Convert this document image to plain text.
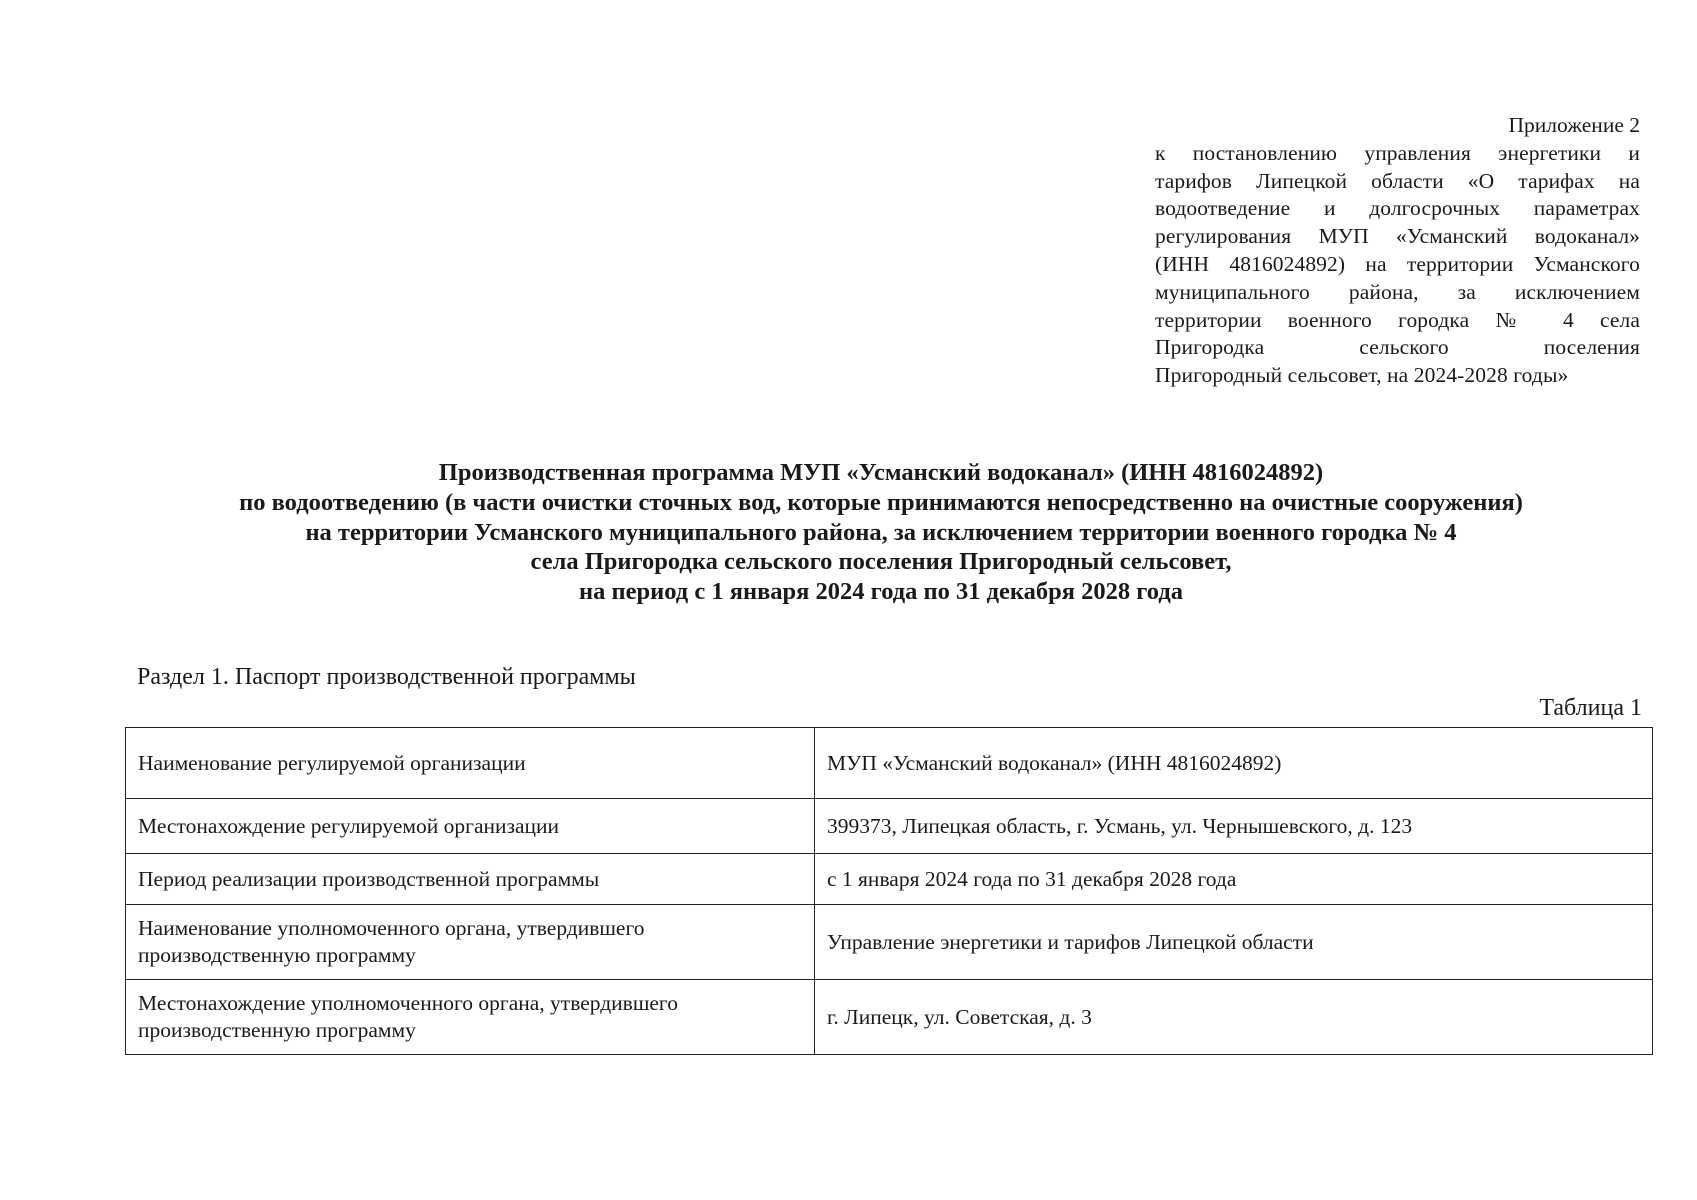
Приложение 2
к постановлению управления энергетики и
тарифов Липецкой области «О тарифах на
водоотведение и долгосрочных параметрах
регулирования МУП «Усманский водоканал»
(ИНН 4816024892) на территории Усманского
муниципального района, за исключением
территории военного городка № 4 села
Пригородка сельского поселения
Пригородный сельсовет, на 2024-2028 годы»
Производственная программа МУП «Усманский водоканал» (ИНН 4816024892)
по водоотведению (в части очистки сточных вод, которые принимаются непосредственно на очистные сооружения)
на территории Усманского муниципального района, за исключением территории военного городка № 4
села Пригородка сельского поселения Пригородный сельсовет,
на период с 1 января 2024 года по 31 декабря 2028 года
Раздел 1. Паспорт производственной программы
Таблица 1
Наименование регулируемой организации	МУП «Усманский водоканал» (ИНН 4816024892)
Местонахождение регулируемой организации	399373, Липецкая область, г. Усмань, ул. Чернышевского, д. 123
Период реализации производственной программы	с 1 января 2024 года по 31 декабря 2028 года
Наименование уполномоченного органа, утвердившего производственную программу	Управление энергетики и тарифов Липецкой области
Местонахождение уполномоченного органа, утвердившего производственную программу	г. Липецк, ул. Советская, д. 3
